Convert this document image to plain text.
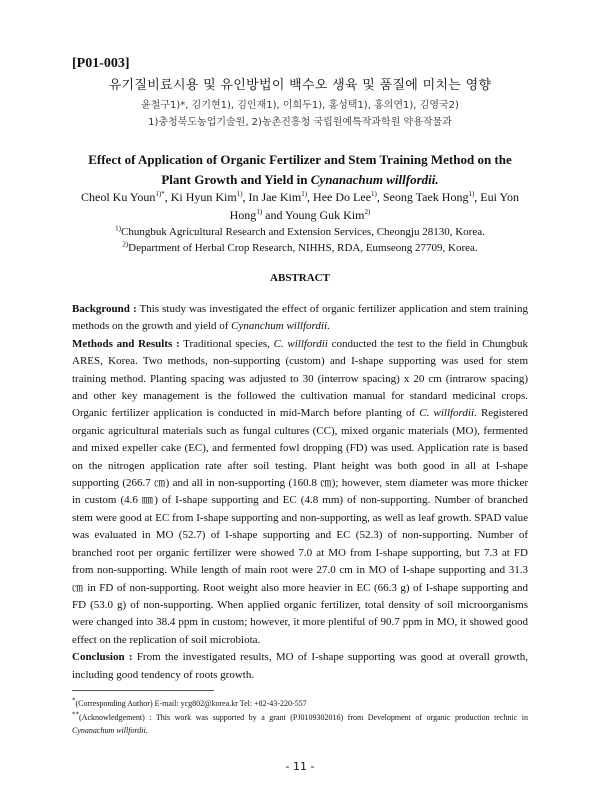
[P01-003]
유기질비료시용 및 유인방법이 백수오 생육 및 품질에 미치는 영향
윤철구1)*, 김기현1), 김인재1), 이희두1), 홍성택1), 홍의연1), 김영국2)
1)충청북도농업기술원, 2)농촌진흥청 국립원예특작과학원 약용작물과
Effect of Application of Organic Fertilizer and Stem Training Method on the Plant Growth and Yield in Cynanachum willfordii.
Cheol Ku Youn$^{1)*}$, Ki Hyun Kim$^{1)}$, In Jae Kim$^{1)}$, Hee Do Lee$^{1)}$, Seong Taek Hong$^{1)}$, Eui Yon Hong$^{1)}$ and Young Guk Kim$^{2)}$
$^{1)}$Chungbuk Agricultural Research and Extension Services, Cheongju 28130, Korea.
$^{2)}$Department of Herbal Crop Research, NIHHS, RDA, Eumseong 27709, Korea.
ABSTRACT

Background : This study was investigated the effect of organic fertilizer application and stem training methods on the growth and yield of Cynanchum willfordii.

Methods and Results : Traditional species, C. willfordii conducted the test to the field in Chungbuk ARES, Korea. Two methods, non-supporting (custom) and I-shape supporting was used for stem training method. Planting spacing was adjusted to 30 (interrow spacing) x 20 cm (intrarow spacing) and other key management is the followed the cultivation manual for standard medicinal crops. Organic fertilizer application is conducted in mid-March before planting of C. willfordii. Registered organic agricultural materials such as fungal cultures (CC), mixed organic materials (MO), fermented and mixed expeller cake (EC), and fermented fowl dropping (FD) was used. Application rate is based on the nitrogen application rate after soil testing. Plant height was both good in all at I-shape supporting (266.7 ㎝) and all in non-supporting (160.8 ㎝); however, stem diameter was more thicker in custom (4.6 ㎜) of I-shape supporting and EC (4.8 mm) of non-supporting. Number of branched stem were good at EC from I-shape supporting and non-supporting, as well as leaf growth. SPAD value was evaluated in MO (52.7) of I-shape supporting and EC (52.3) of non-supporting. Number of branched root per organic fertilizer were showed 7.0 at MO from I-shape supporting, but 7.3 at FD from non-supporting. While length of main root were 27.0 cm in MO of I-shape supporting and 31.3 ㎝ in FD of non-supporting. Root weight also more heavier in EC (66.3 g) of I-shape supporting and FD (53.0 g) of non-supporting. When applied organic fertilizer, total density of soil microorganisms were changed into 38.4 ppm in custom; however, it more plentiful of 90.7 ppm in MO, it showed good effect on the replication of soil microbiota.

Conclusion : From the investigated results, MO of I-shape supporting was good at overall growth, including good tendency of roots growth.

*(Corresponding Author) E-mail: ycg802@korea.kr Tel: +82-43-220-557
**(Acknowledgement) : This work was supported by a grant (PJ0109302016) from Development of organic production technic in Cynanachum willfordii.
- 11 -
